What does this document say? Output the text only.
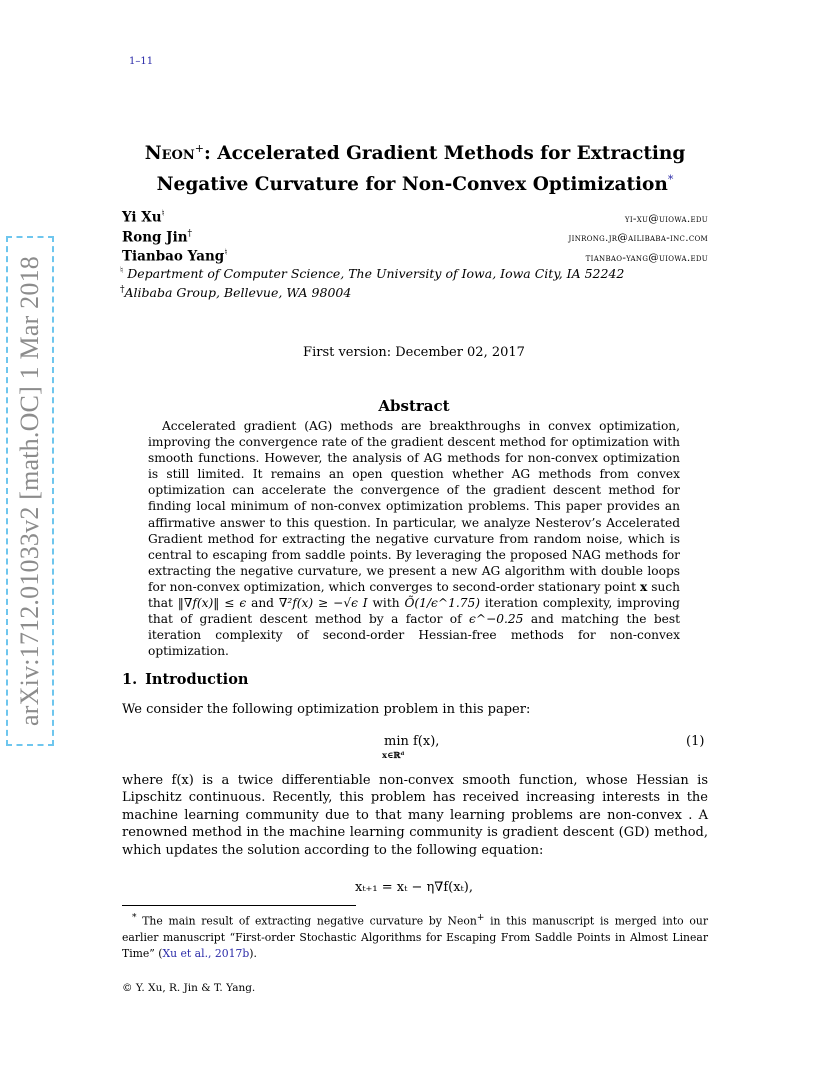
1–11
arXiv:1712.01033v2 [math.OC] 1 Mar 2018
Neon+: Accelerated Gradient Methods for Extracting
Negative Curvature for Non-Convex Optimization*
Yi Xu♮	yi-xu@uiowa.edu
Rong Jin†	jinrong.jr@ailibaba-inc.com
Tianbao Yang♮	tianbao-yang@uiowa.edu
♮ Department of Computer Science, The University of Iowa, Iowa City, IA 52242
†Alibaba Group, Bellevue, WA 98004
First version: December 02, 2017
Abstract
Accelerated gradient (AG) methods are breakthroughs in convex optimization, improving the convergence rate of the gradient descent method for optimization with smooth functions. However, the analysis of AG methods for non-convex optimization is still limited. It remains an open question whether AG methods from convex optimization can accelerate the convergence of the gradient descent method for finding local minimum of non-convex optimization problems. This paper provides an affirmative answer to this question. In particular, we analyze Nesterov’s Accelerated Gradient method for extracting the negative curvature from random noise, which is central to escaping from saddle points. By leveraging the proposed NAG methods for extracting the negative curvature, we present a new AG algorithm with double loops for non-convex optimization, which converges to second-order stationary point x such that ‖∇f(x)‖ ≤ ϵ and ∇²f(x) ≥ −√ϵ I with Õ(1/ϵ^1.75) iteration complexity, improving that of gradient descent method by a factor of ϵ^−0.25 and matching the best iteration complexity of second-order Hessian-free methods for non-convex optimization.
1. Introduction
We consider the following optimization problem in this paper:
min f(x),
x∈ℝᵈ
(1)
where f(x) is a twice differentiable non-convex smooth function, whose Hessian is Lipschitz continuous. Recently, this problem has received increasing interests in the machine learning community due to that many learning problems are non-convex . A renowned method in the machine learning community is gradient descent (GD) method, which updates the solution according to the following equation:
xₜ₊₁ = xₜ − η∇f(xₜ),
* The main result of extracting negative curvature by Neon+ in this manuscript is merged into our earlier manuscript “First-order Stochastic Algorithms for Escaping From Saddle Points in Almost Linear Time” (Xu et al., 2017b).
© Y. Xu, R. Jin & T. Yang.
